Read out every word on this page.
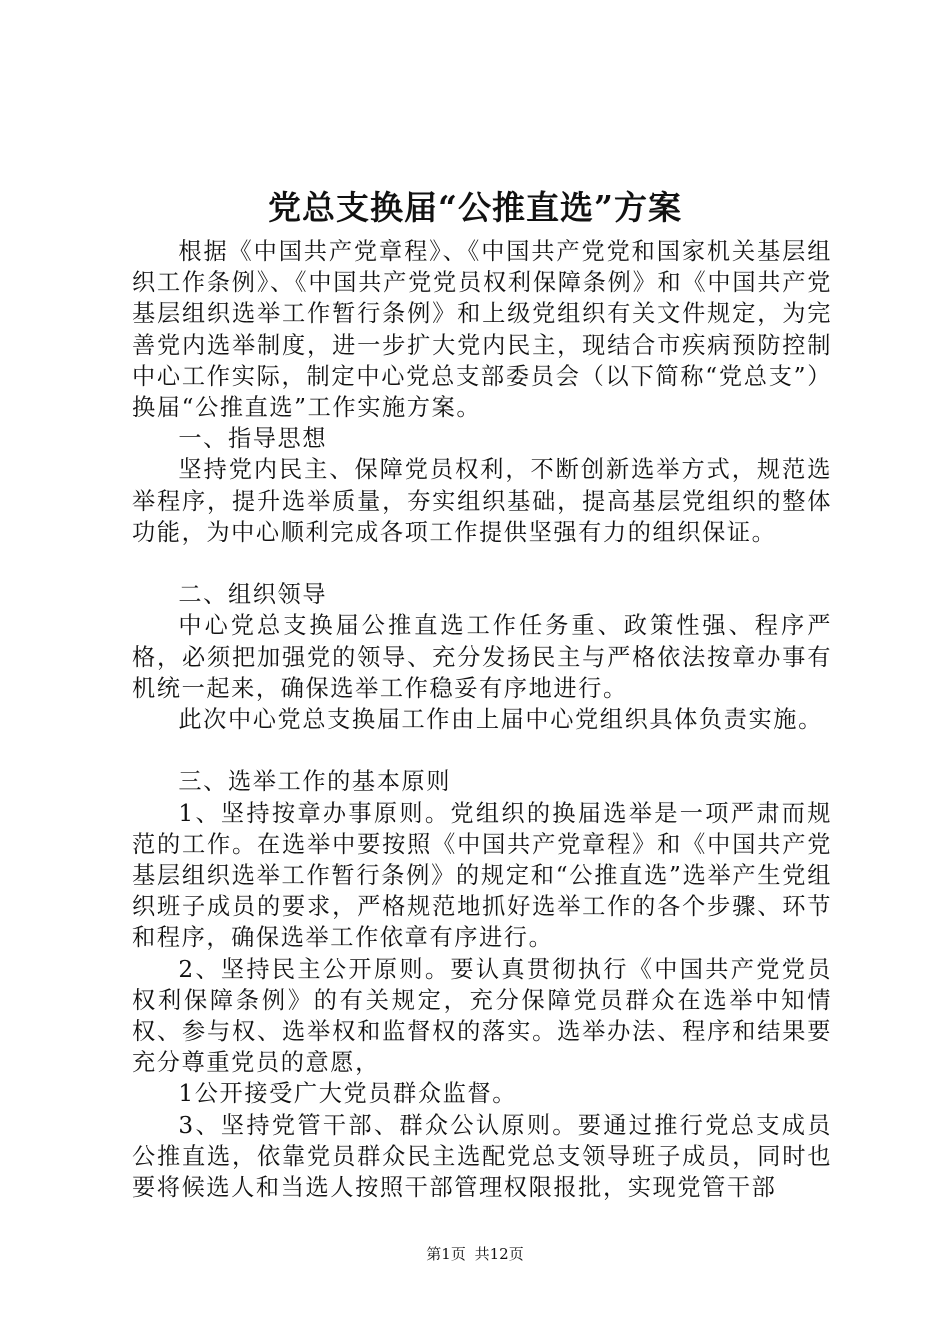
党总支换届“公推直选”方案

根据《中国共产党章程》、《中国共产党党和国家机关基层组织工作条例》、《中国共产党党员权利保障条例》和《中国共产党基层组织选举工作暂行条例》和上级党组织有关文件规定，为完善党内选举制度，进一步扩大党内民主，现结合市疾病预防控制中心工作实际，制定中心党总支部委员会（以下简称“党总支”）换届“公推直选”工作实施方案。

一、指导思想

坚持党内民主、保障党员权利，不断创新选举方式，规范选举程序，提升选举质量，夯实组织基础，提高基层党组织的整体功能，为中心顺利完成各项工作提供坚强有力的组织保证。

二、组织领导

中心党总支换届公推直选工作任务重、政策性强、程序严格，必须把加强党的领导、充分发扬民主与严格依法按章办事有机统一起来，确保选举工作稳妥有序地进行。

此次中心党总支换届工作由上届中心党组织具体负责实施。

三、选举工作的基本原则

1、坚持按章办事原则。党组织的换届选举是一项严肃而规范的工作。在选举中要按照《中国共产党章程》和《中国共产党基层组织选举工作暂行条例》的规定和“公推直选”选举产生党组织班子成员的要求，严格规范地抓好选举工作的各个步骤、环节和程序，确保选举工作依章有序进行。

2、坚持民主公开原则。要认真贯彻执行《中国共产党党员权利保障条例》的有关规定，充分保障党员群众在选举中知情权、参与权、选举权和监督权的落实。选举办法、程序和结果要充分尊重党员的意愿，

1公开接受广大党员群众监督。

3、坚持党管干部、群众公认原则。要通过推行党总支成员公推直选，依靠党员群众民主选配党总支领导班子成员，同时也要将候选人和当选人按照干部管理权限报批，实现党管干部

第1页 共12页
